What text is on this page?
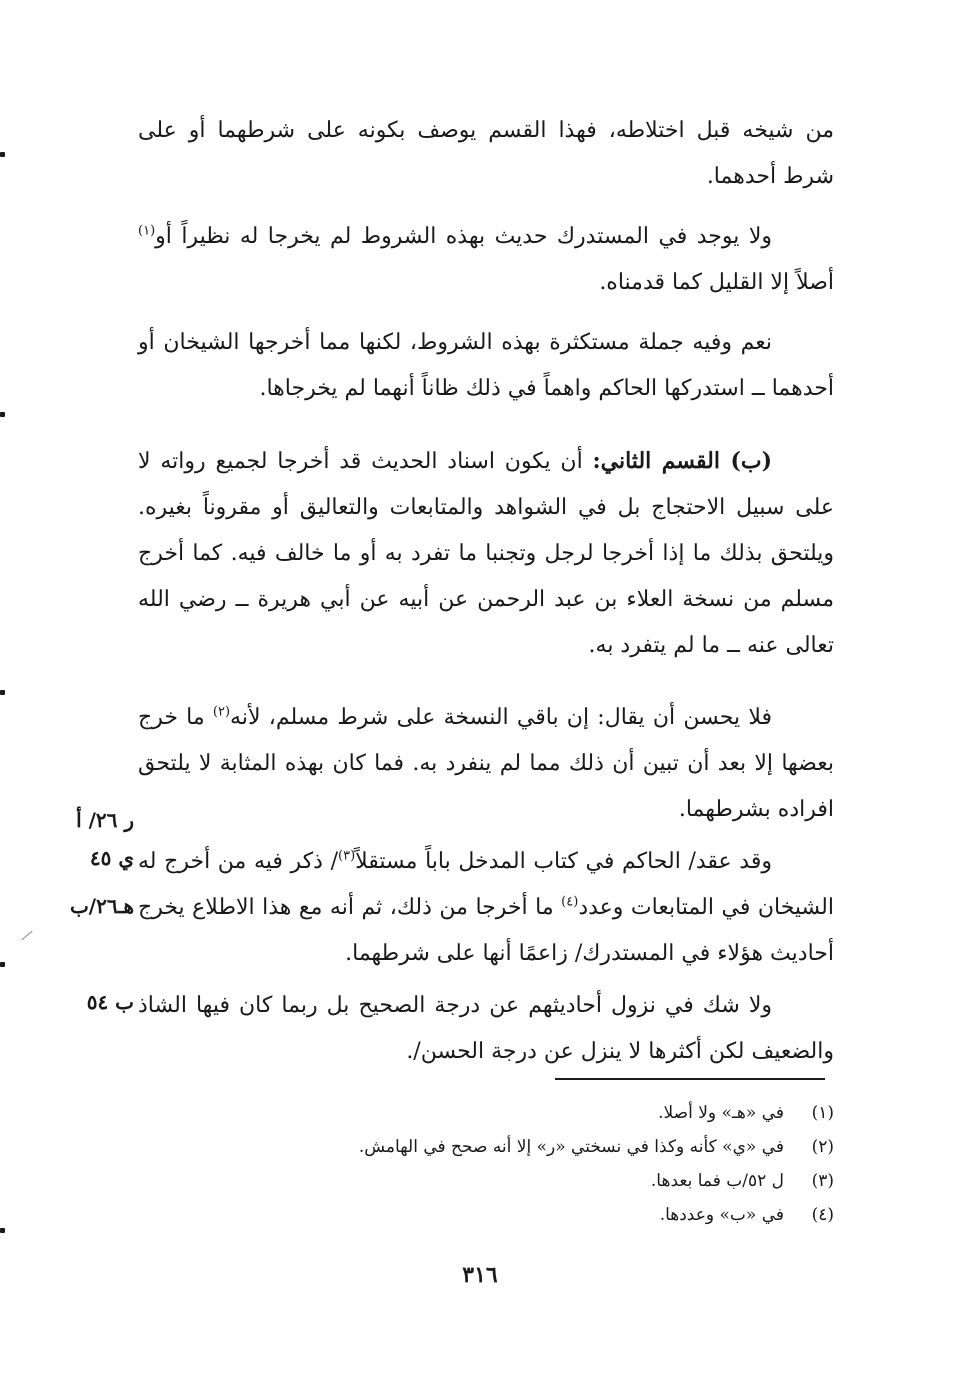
من شيخه قبل اختلاطه، فهذا القسم يوصف بكونه على شرطهما أو على شرط أحدهما.

ولا يوجد في المستدرك حديث بهذه الشروط لم يخرجا له نظيراً أو$^{(١)}$ أصلاً إلا القليل كما قدمناه.

نعم وفيه جملة مستكثرة بهذه الشروط، لكنها مما أخرجها الشيخان أو أحدهما ــ استدركها الحاكم واهماً في ذلك ظاناً أنهما لم يخرجاها.

(ب) القسم الثاني: أن يكون اسناد الحديث قد أخرجا لجميع رواته لا على سبيل الاحتجاج بل في الشواهد والمتابعات والتعاليق أو مقروناً بغيره. ويلتحق بذلك ما إذا أخرجا لرجل وتجنبا ما تفرد به أو ما خالف فيه. كما أخرج مسلم من نسخة العلاء بن عبد الرحمن عن أبيه عن أبي هريرة ــ رضي الله تعالى عنه ــ ما لم يتفرد به.

فلا يحسن أن يقال: إن باقي النسخة على شرط مسلم، لأنه$^{(٢)}$ ما خرج بعضها إلا بعد أن تبين أن ذلك مما لم ينفرد به. فما كان بهذه المثابة لا يلتحق افراده بشرطهما.

وقد عقد/ الحاكم في كتاب المدخل باباً مستقلاً$^{(٣)}$/ ذكر فيه من أخرج له الشيخان في المتابعات وعدد$^{(٤)}$ ما أخرجا من ذلك، ثم أنه مع هذا الاطلاع يخرج أحاديث هؤلاء في المستدرك/ زاعمًا أنها على شرطهما.

ولا شك في نزول أحاديثهم عن درجة الصحيح بل ربما كان فيها الشاذ والضعيف لكن أكثرها لا ينزل عن درجة الحسن/.

ر ٢٦/ أ
ي ٤٥
هـ٢٦/ب
ب ٥٤
(١)
في «هـ» ولا أصلا.
(٢)
في «ي» كأنه وكذا في نسختي «ر» إلا أنه صحح في الهامش.
(٣)
ل ٥٢/ب فما بعدها.
(٤)
في «ب» وعددها.
٣١٦
